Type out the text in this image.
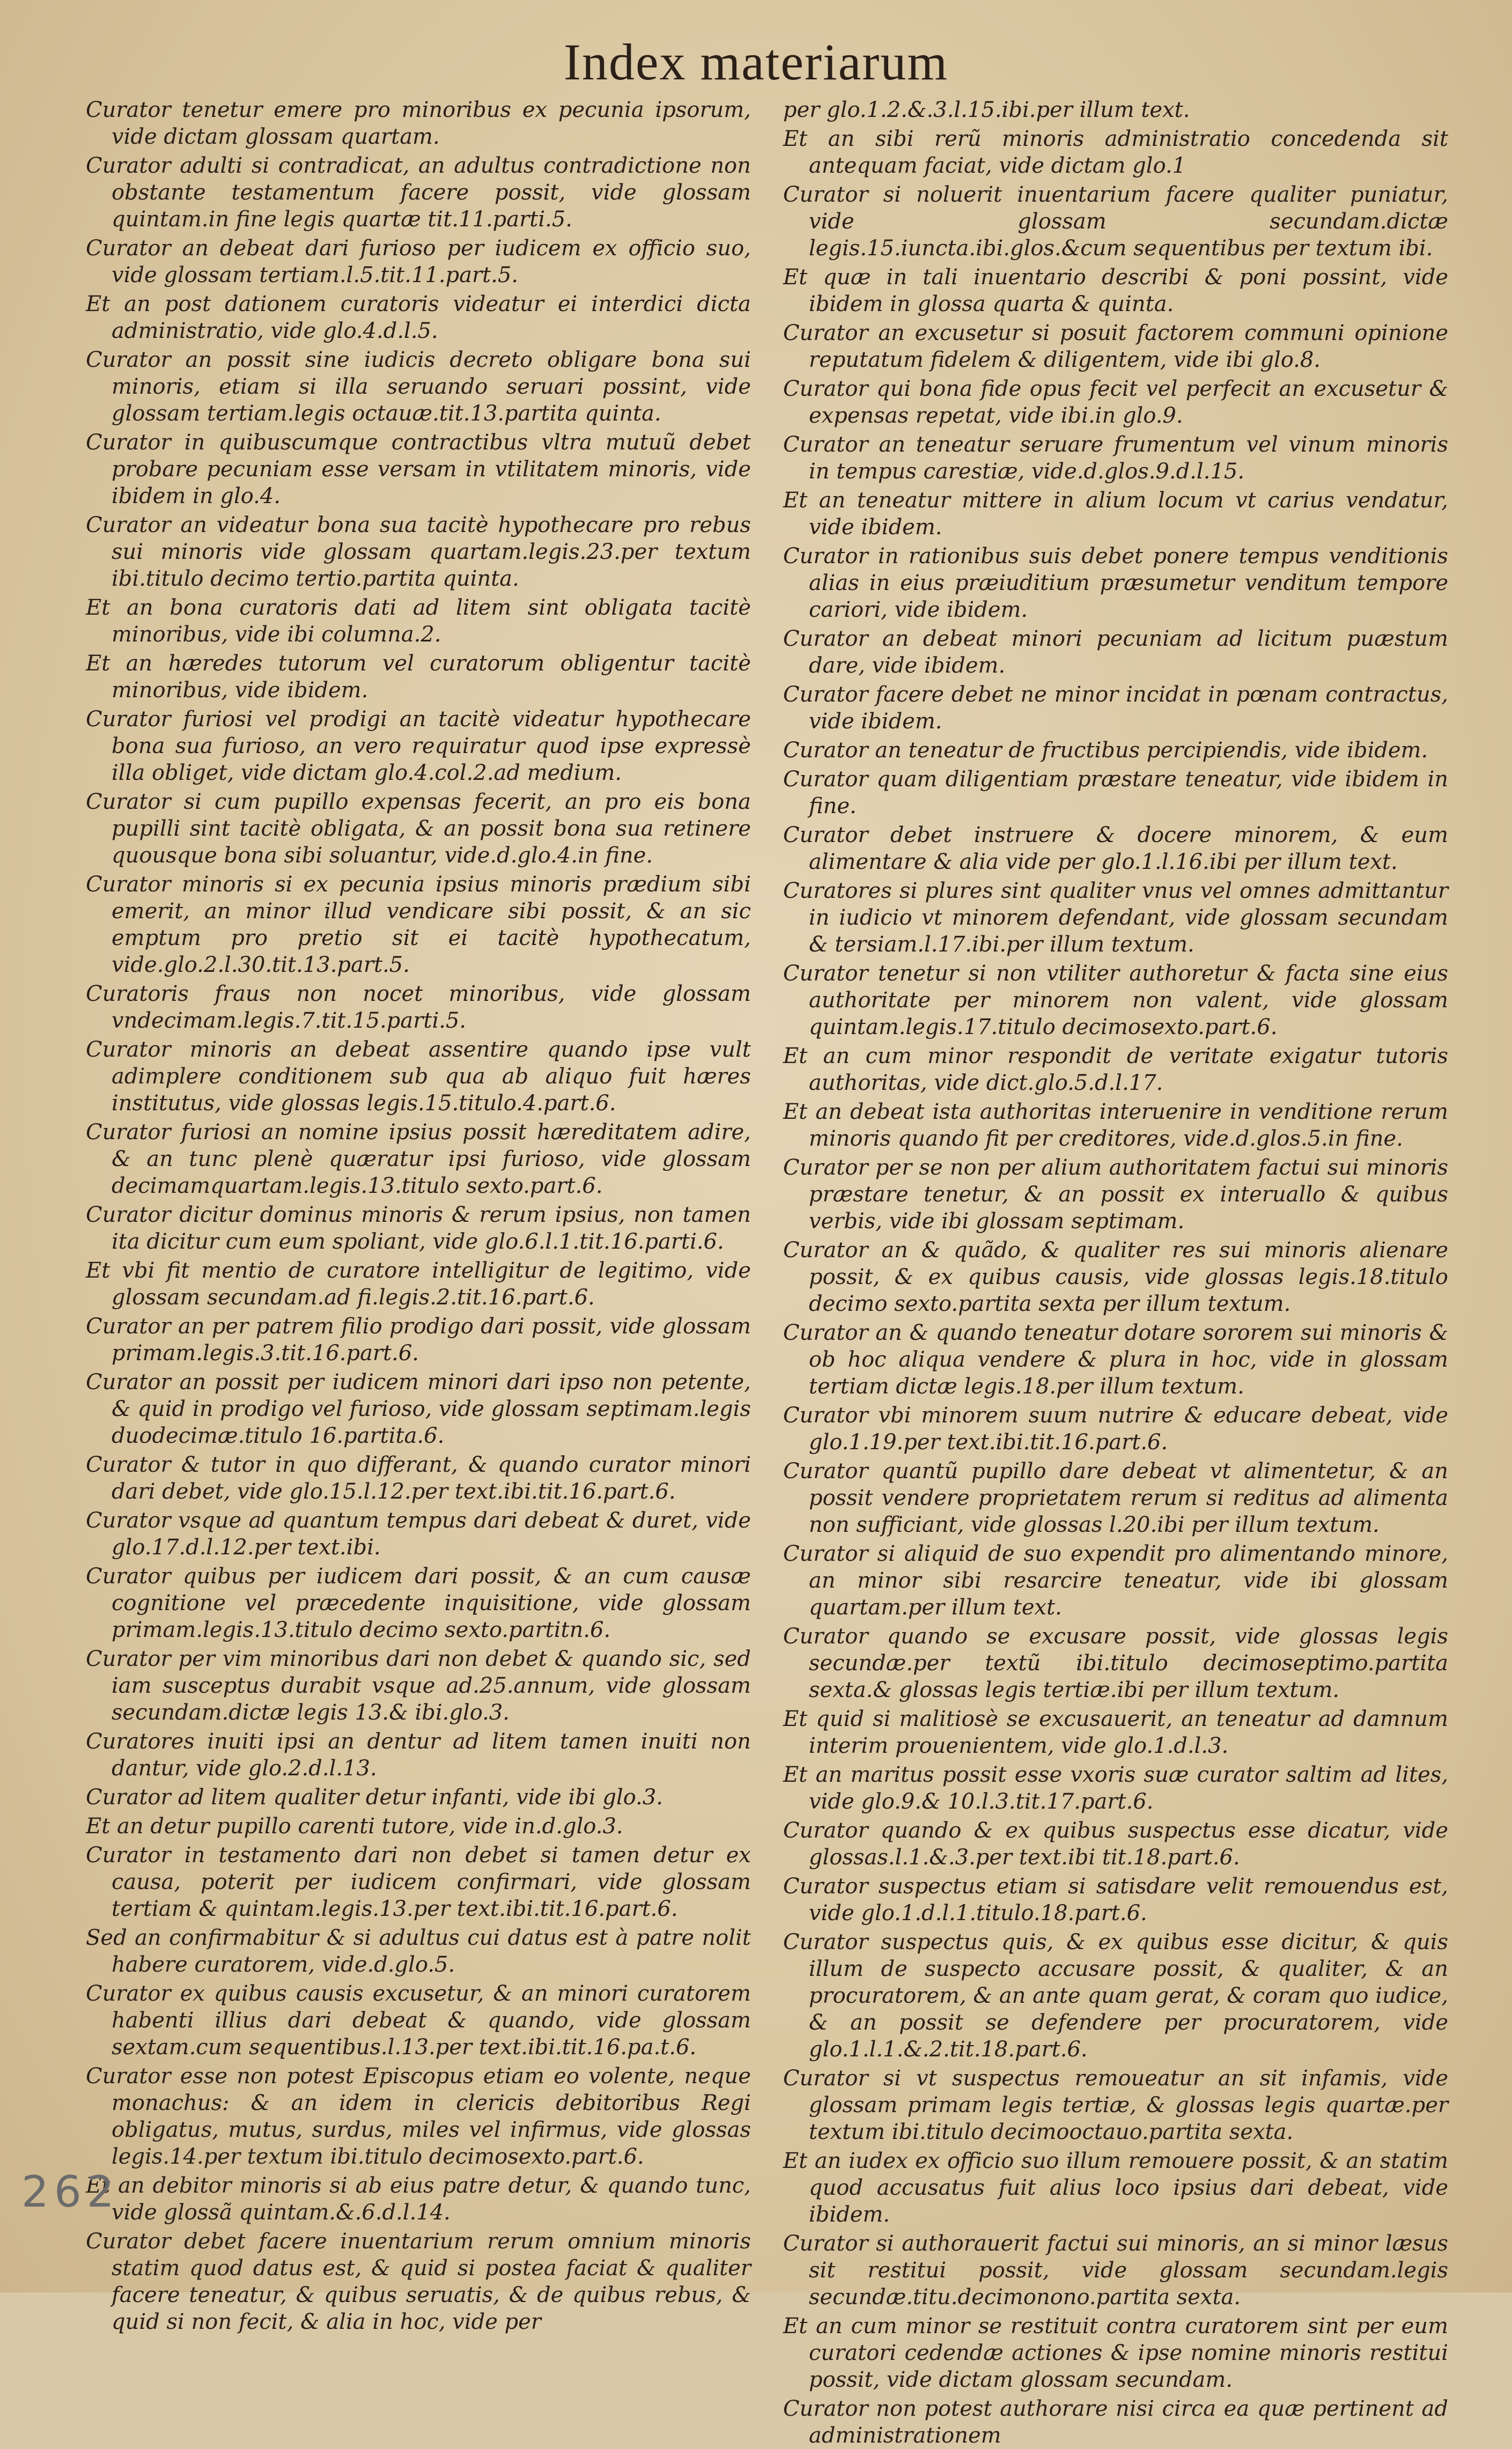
Index materiarum

Curator tenetur emere pro minoribus ex pecunia ipsorum, vide dictam glossam quartam.

Curator adulti si contradicat, an adultus contradictione non obstante testamentum facere possit, vide glossam quintam.in fine legis quartæ tit.11.parti.5.

Curator an debeat dari furioso per iudicem ex officio suo, vide glossam tertiam.l.5.tit.11.part.5.

Et an post dationem curatoris videatur ei interdici dicta administratio, vide glo.4.d.l.5.

Curator an possit sine iudicis decreto obligare bona sui minoris, etiam si illa seruando seruari possint, vide glossam tertiam.legis octauæ.tit.13.partita quinta.

Curator in quibuscumque contractibus vltra mutuũ debet probare pecuniam esse versam in vtilitatem minoris, vide ibidem in glo.4.

Curator an videatur bona sua tacitè hypothecare pro rebus sui minoris vide glossam quartam.legis.23.per textum ibi.titulo decimo tertio.partita quinta.

Et an bona curatoris dati ad litem sint obligata tacitè minoribus, vide ibi columna.2.

Et an hæredes tutorum vel curatorum obligentur tacitè minoribus, vide ibidem.

Curator furiosi vel prodigi an tacitè videatur hypothecare bona sua furioso, an vero requiratur quod ipse expressè illa obliget, vide dictam glo.4.col.2.ad medium.

Curator si cum pupillo expensas fecerit, an pro eis bona pupilli sint tacitè obligata, & an possit bona sua retinere quousque bona sibi soluantur, vide.d.glo.4.in fine.

Curator minoris si ex pecunia ipsius minoris prædium sibi emerit, an minor illud vendicare sibi possit, & an sic emptum pro pretio sit ei tacitè hypothecatum, vide.glo.2.l.30.tit.13.part.5.

Curatoris fraus non nocet minoribus, vide glossam vndecimam.legis.7.tit.15.parti.5.

Curator minoris an debeat assentire quando ipse vult adimplere conditionem sub qua ab aliquo fuit hæres institutus, vide glossas legis.15.titulo.4.part.6.

Curator furiosi an nomine ipsius possit hæreditatem adire, & an tunc plenè quæratur ipsi furioso, vide glossam decimamquartam.legis.13.titulo sexto.part.6.

Curator dicitur dominus minoris & rerum ipsius, non tamen ita dicitur cum eum spoliant, vide glo.6.l.1.tit.16.parti.6.

Et vbi fit mentio de curatore intelligitur de legitimo, vide glossam secundam.ad fi.legis.2.tit.16.part.6.

Curator an per patrem filio prodigo dari possit, vide glossam primam.legis.3.tit.16.part.6.

Curator an possit per iudicem minori dari ipso non petente, & quid in prodigo vel furioso, vide glossam septimam.legis duodecimæ.titulo 16.partita.6.

Curator & tutor in quo differant, & quando curator minori dari debet, vide glo.15.l.12.per text.ibi.tit.16.part.6.

Curator vsque ad quantum tempus dari debeat & duret, vide glo.17.d.l.12.per text.ibi.

Curator quibus per iudicem dari possit, & an cum causæ cognitione vel præcedente inquisitione, vide glossam primam.legis.13.titulo decimo sexto.partitn.6.

Curator per vim minoribus dari non debet & quando sic, sed iam susceptus durabit vsque ad.25.annum, vide glossam secundam.dictæ legis 13.& ibi.glo.3.

Curatores inuiti ipsi an dentur ad litem tamen inuiti non dantur, vide glo.2.d.l.13.

Curator ad litem qualiter detur infanti, vide ibi glo.3.

Et an detur pupillo carenti tutore, vide in.d.glo.3.

Curator in testamento dari non debet si tamen detur ex causa, poterit per iudicem confirmari, vide glossam tertiam & quintam.legis.13.per text.ibi.tit.16.part.6.

Sed an confirmabitur & si adultus cui datus est à patre nolit habere curatorem, vide.d.glo.5.

Curator ex quibus causis excusetur, & an minori curatorem habenti illius dari debeat & quando, vide glossam sextam.cum sequentibus.l.13.per text.ibi.tit.16.pa.t.6.

Curator esse non potest Episcopus etiam eo volente, neque monachus: & an idem in clericis debitoribus Regi obligatus, mutus, surdus, miles vel infirmus, vide glossas legis.14.per textum ibi.titulo decimosexto.part.6.

Et an debitor minoris si ab eius patre detur, & quando tunc, vide glossã quintam.&.6.d.l.14.

Curator debet facere inuentarium rerum omnium minoris statim quod datus est, & quid si postea faciat & qualiter facere teneatur, & quibus seruatis, & de quibus rebus, & quid si non fecit, & alia in hoc, vide per

per glo.1.2.&.3.l.15.ibi.per illum text.

Et an sibi rerũ minoris administratio concedenda sit antequam faciat, vide dictam glo.1

Curator si noluerit inuentarium facere qualiter puniatur, vide glossam secundam.dictæ legis.15.iuncta.ibi.glos.&cum sequentibus per textum ibi.

Et quæ in tali inuentario describi & poni possint, vide ibidem in glossa quarta & quinta.

Curator an excusetur si posuit factorem communi opinione reputatum fidelem & diligentem, vide ibi glo.8.

Curator qui bona fide opus fecit vel perfecit an excusetur & expensas repetat, vide ibi.in glo.9.

Curator an teneatur seruare frumentum vel vinum minoris in tempus carestiæ, vide.d.glos.9.d.l.15.

Et an teneatur mittere in alium locum vt carius vendatur, vide ibidem.

Curator in rationibus suis debet ponere tempus venditionis alias in eius præiuditium præsumetur venditum tempore cariori, vide ibidem.

Curator an debeat minori pecuniam ad licitum puæstum dare, vide ibidem.

Curator facere debet ne minor incidat in pœnam contractus, vide ibidem.

Curator an teneatur de fructibus percipiendis, vide ibidem.

Curator quam diligentiam præstare teneatur, vide ibidem in fine.

Curator debet instruere & docere minorem, & eum alimentare & alia vide per glo.1.l.16.ibi per illum text.

Curatores si plures sint qualiter vnus vel omnes admittantur in iudicio vt minorem defendant, vide glossam secundam & tersiam.l.17.ibi.per illum textum.

Curator tenetur si non vtiliter authoretur & facta sine eius authoritate per minorem non valent, vide glossam quintam.legis.17.titulo decimosexto.part.6.

Et an cum minor respondit de veritate exigatur tutoris authoritas, vide dict.glo.5.d.l.17.

Et an debeat ista authoritas interuenire in venditione rerum minoris quando fit per creditores, vide.d.glos.5.in fine.

Curator per se non per alium authoritatem factui sui minoris præstare tenetur, & an possit ex interuallo & quibus verbis, vide ibi glossam septimam.

Curator an & quãdo, & qualiter res sui minoris alienare possit, & ex quibus causis, vide glossas legis.18.titulo decimo sexto.partita sexta per illum textum.

Curator an & quando teneatur dotare sororem sui minoris & ob hoc aliqua vendere & plura in hoc, vide in glossam tertiam dictæ legis.18.per illum textum.

Curator vbi minorem suum nutrire & educare debeat, vide glo.1.19.per text.ibi.tit.16.part.6.

Curator quantũ pupillo dare debeat vt alimentetur, & an possit vendere proprietatem rerum si reditus ad alimenta non sufficiant, vide glossas l.20.ibi per illum textum.

Curator si aliquid de suo expendit pro alimentando minore, an minor sibi resarcire teneatur, vide ibi glossam quartam.per illum text.

Curator quando se excusare possit, vide glossas legis secundæ.per textũ ibi.titulo decimoseptimo.partita sexta.& glossas legis tertiæ.ibi per illum textum.

Et quid si malitiosè se excusauerit, an teneatur ad damnum interim prouenientem, vide glo.1.d.l.3.

Et an maritus possit esse vxoris suæ curator saltim ad lites, vide glo.9.& 10.l.3.tit.17.part.6.

Curator quando & ex quibus suspectus esse dicatur, vide glossas.l.1.&.3.per text.ibi tit.18.part.6.

Curator suspectus etiam si satisdare velit remouendus est, vide glo.1.d.l.1.titulo.18.part.6.

Curator suspectus quis, & ex quibus esse dicitur, & quis illum de suspecto accusare possit, & qualiter, & an procuratorem, & an ante quam gerat, & coram quo iudice, & an possit se defendere per procuratorem, vide glo.1.l.1.&.2.tit.18.part.6.

Curator si vt suspectus remoueatur an sit infamis, vide glossam primam legis tertiæ, & glossas legis quartæ.per textum ibi.titulo decimooctauo.partita sexta.

Et an iudex ex officio suo illum remouere possit, & an statim quod accusatus fuit alius loco ipsius dari debeat, vide ibidem.

Curator si authorauerit factui sui minoris, an si minor læsus sit restitui possit, vide glossam secundam.legis secundæ.titu.decimonono.partita sexta.

Et an cum minor se restituit contra curatorem sint per eum curatori cedendæ actiones & ipse nomine minoris restitui possit, vide dictam glossam secundam.

Curator non potest authorare nisi circa ea quæ pertinent ad administrationem

262
